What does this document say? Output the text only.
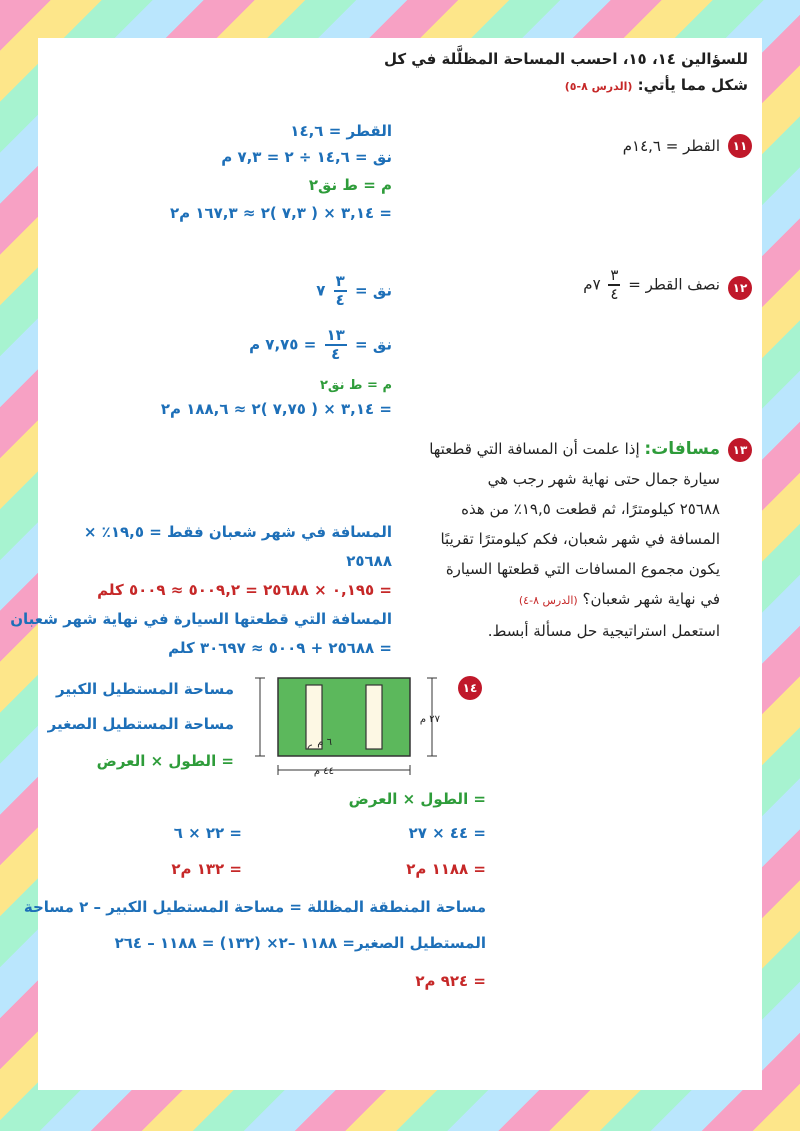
للسؤالين ١٤، ١٥، احسب المساحة المظلَّلة في كل
شكل مما يأتي: (الدرس ٨-٥)
١١
القطر = ١٤,٦م
القطر = ١٤,٦
نق = ١٤,٦ ÷ ٢ = ٧,٣ م
م = ط نق٢
= ٣,١٤ × ( ٧,٣ )٢ ≈ ١٦٧,٣ م٢
١٢
نصف القطر =
$\frac{٣}{٤}$
٧م
نق =
$\frac{٣}{٤}$
٧
نق =
$\frac{١٣}{٤}$
= ٧,٧٥ م
م = ط نق٢
= ٣,١٤ × ( ٧,٧٥ )٢ ≈ ١٨٨,٦ م٢
١٣
مسافات: إذا علمت أن المسافة التي قطعتها
سيارة جمال حتى نهاية شهر رجب هي
٢٥٦٨٨ كيلومترًا، ثم قطعت ١٩,٥٪ من هذه
المسافة في شهر شعبان، فكم كيلومترًا تقريبًا
يكون مجموع المسافات التي قطعتها السيارة
في نهاية شهر شعبان؟ (الدرس ٨-٤)
استعمل استراتيجية حل مسألة أبسط.
المسافة في شهر شعبان فقط = ١٩,٥٪ ×
٢٥٦٨٨
= ٠,١٩٥ × ٢٥٦٨٨ = ٥٠٠٩,٢ ≈ ٥٠٠٩ كلم
المسافة التي قطعتها السيارة في نهاية شهر شعبان
= ٢٥٦٨٨ + ٥٠٠٩ ≈ ٣٠٦٩٧ كلم
١٤
مساحة المستطيل الكبير
مساحة المستطيل الصغير
= الطول × العرض
٢٧ م
٦ م
٤٤ م
= الطول × العرض
= ٤٤ × ٢٧
= ٢٢ × ٦
= ١١٨٨ م٢
= ١٣٢ م٢
مساحة المنطقة المظللة = مساحة المستطيل الكبير – ٢ مساحة
المستطيل الصغير= ١١٨٨ –٢× (١٣٢) = ١١٨٨ – ٢٦٤
= ٩٢٤ م٢
